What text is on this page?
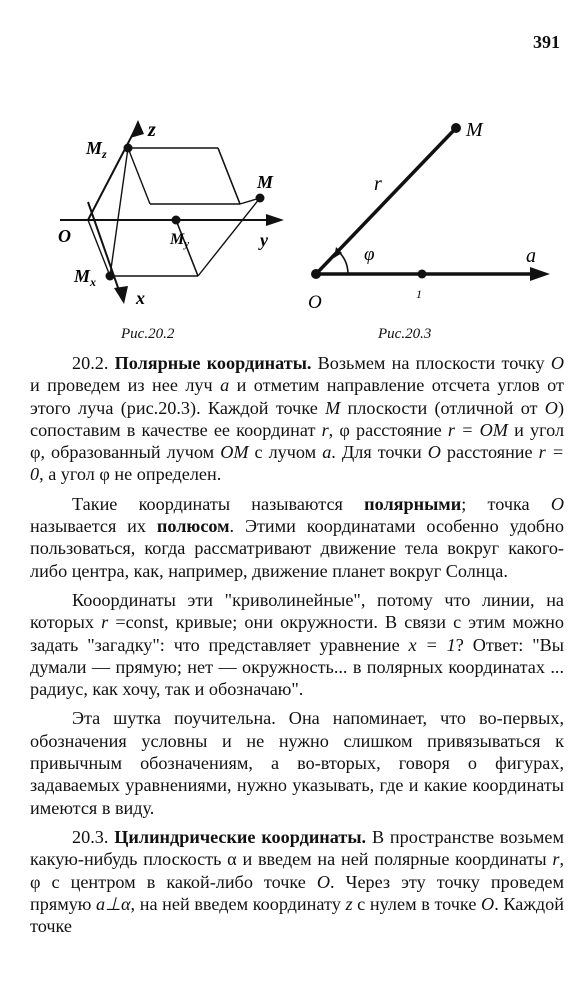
391
z
$M_z$
M
O	My	y
$M_x$
x
M
r
φ	a
O	1
Рис.20.2	Рис.20.3

20.2. Полярные координаты. Возьмем на плоскости точку O и проведем из нее луч a и отметим направление отсчета углов от этого луча (рис.20.3). Каждой точке M плоскости (отличной от O) сопоставим в качестве ее координат r, φ расстояние r = OM и угол φ, образованный лучом OM с лучом a. Для точки O расстояние r = 0, а угол φ не определен.

Такие координаты называются полярными; точка O называется их полюсом. Этими координатами особенно удобно пользоваться, когда рассматривают движение тела вокруг какого-либо центра, как, например, движение планет вокруг Солнца.

Кооординаты эти "криволинейные", потому что линии, на которых r =const, кривые; они окружности. В связи с этим можно задать "загадку": что представляет уравнение x = 1? Ответ: "Вы думали — прямую; нет — окружность... в полярных координатах ... радиус, как хочу, так и обозначаю".

Эта шутка поучительна. Она напоминает, что во-первых, обозначения условны и не нужно слишком привязываться к привычным обозначениям, а во-вторых, говоря о фигурах, задаваемых уравнениями, нужно указывать, где и какие координаты имеются в виду.

20.3. Цилиндрические координаты. В пространстве возьмем какую-нибудь плоскость α и введем на ней полярные координаты r, φ с центром в какой-либо точке O. Через эту точку проведем прямую a⊥α, на ней введем координату z с нулем в точке O. Каждой точке
